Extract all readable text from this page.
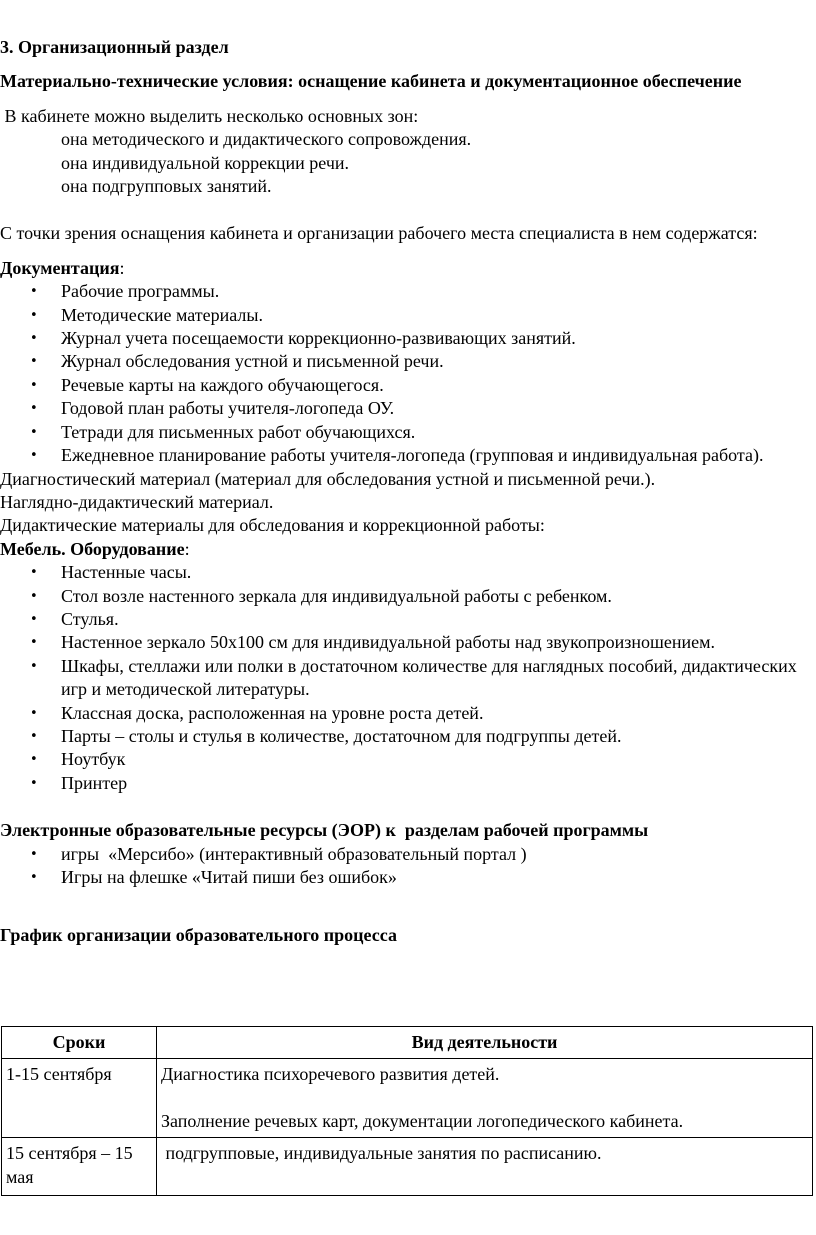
3. Организационный раздел

Материально-технические условия: оснащение кабинета и документационное обеспечение

В кабинете можно выделить несколько основных зон:

она методического и дидактического сопровождения.

она индивидуальной коррекции речи.

она подгрупповых занятий.

С точки зрения оснащения кабинета и организации рабочего места специалиста в нем содержатся:

Документация:

• Рабочие программы.
• Методические материалы.
• Журнал учета посещаемости коррекционно-развивающих занятий.
• Журнал обследования устной и письменной речи.
• Речевые карты на каждого обучающегося.
• Годовой план работы учителя-логопеда ОУ.
• Тетради для письменных работ обучающихся.
• Ежедневное планирование работы учителя-логопеда (групповая и индивидуальная работа).

Диагностический материал (материал для обследования устной и письменной речи.).

Наглядно-дидактический материал.

Дидактические материалы для обследования и коррекционной работы:

Мебель. Оборудование:

• Настенные часы.
• Стол возле настенного зеркала для индивидуальной работы с ребенком.
• Стулья.
• Настенное зеркало 50х100 см для индивидуальной работы над звукопроизношением.
• Шкафы, стеллажи или полки в достаточном количестве для наглядных пособий, дидактических игр и методической литературы.
• Классная доска, расположенная на уровне роста детей.
• Парты – столы и стулья в количестве, достаточном для подгруппы детей.
• Ноутбук
• Принтер

Электронные образовательные ресурсы (ЭОР) к  разделам рабочей программы

• игры  «Мерсибо» (интерактивный образовательный портал )
• Игры на флешке «Читай пиши без ошибок»

График организации образовательного процесса

Сроки	Вид деятельности
1-15 сентября	Диагностика психоречевого развития детей.
Заполнение речевых карт, документации логопедического кабинета.

15 сентября – 15 мая	подгрупповые, индивидуальные занятия по расписанию.
